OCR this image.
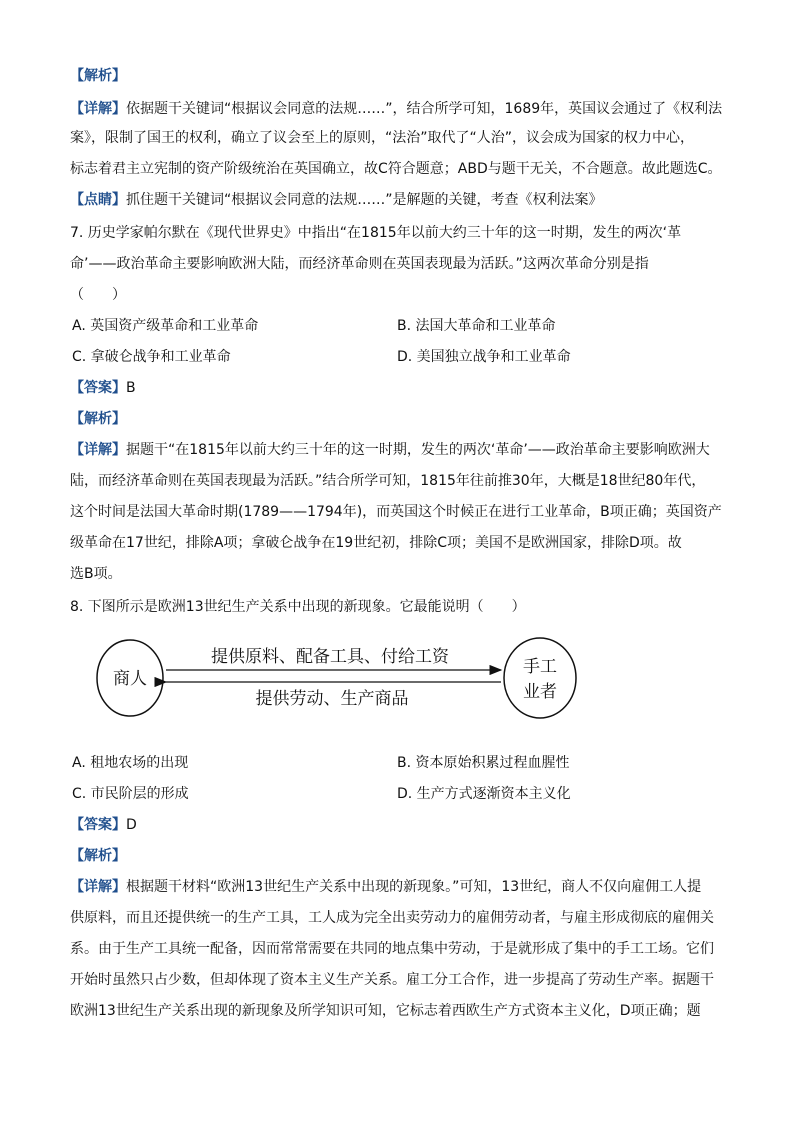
【解析】
【详解】依据题干关键词“根据议会同意的法规……”，结合所学可知，1689年，英国议会通过了《权利法
案》，限制了国王的权利，确立了议会至上的原则，“法治”取代了“人治”，议会成为国家的权力中心，
标志着君主立宪制的资产阶级统治在英国确立，故C符合题意；ABD与题干无关，不合题意。故此题选C。
【点睛】抓住题干关键词“根据议会同意的法规……”是解题的关键，考查《权利法案》
7. 历史学家帕尔默在《现代世界史》中指出“在1815年以前大约三十年的这一时期，发生的两次‘革
命’——政治革命主要影响欧洲大陆，而经济革命则在英国表现最为活跃。”这两次革命分别是指
（　　）
A. 英国资产级革命和工业革命	B. 法国大革命和工业革命
C. 拿破仑战争和工业革命	D. 美国独立战争和工业革命
【答案】B
【解析】
【详解】据题干“在1815年以前大约三十年的这一时期，发生的两次‘革命’——政治革命主要影响欧洲大
陆，而经济革命则在英国表现最为活跃。”结合所学可知，1815年往前推30年，大概是18世纪80年代，
这个时间是法国大革命时期(1789——1794年)，而英国这个时候正在进行工业革命，B项正确；英国资产
级革命在17世纪，排除A项；拿破仑战争在19世纪初，排除C项；美国不是欧洲国家，排除D项。故
选B项。
8. 下图所示是欧洲13世纪生产关系中出现的新现象。它最能说明（　　）
商人
手工
业者
提供原料、配备工具、付给工资
提供劳动、生产商品
A. 租地农场的出现	B. 资本原始积累过程血腥性
C. 市民阶层的形成	D. 生产方式逐渐资本主义化
【答案】D
【解析】
【详解】根据题干材料“欧洲13世纪生产关系中出现的新现象。”可知，13世纪，商人不仅向雇佣工人提
供原料，而且还提供统一的生产工具，工人成为完全出卖劳动力的雇佣劳动者，与雇主形成彻底的雇佣关
系。由于生产工具统一配备，因而常常需要在共同的地点集中劳动，于是就形成了集中的手工工场。它们
开始时虽然只占少数，但却体现了资本主义生产关系。雇工分工合作，进一步提高了劳动生产率。据题干
欧洲13世纪生产关系出现的新现象及所学知识可知，它标志着西欧生产方式资本主义化，D项正确；题
